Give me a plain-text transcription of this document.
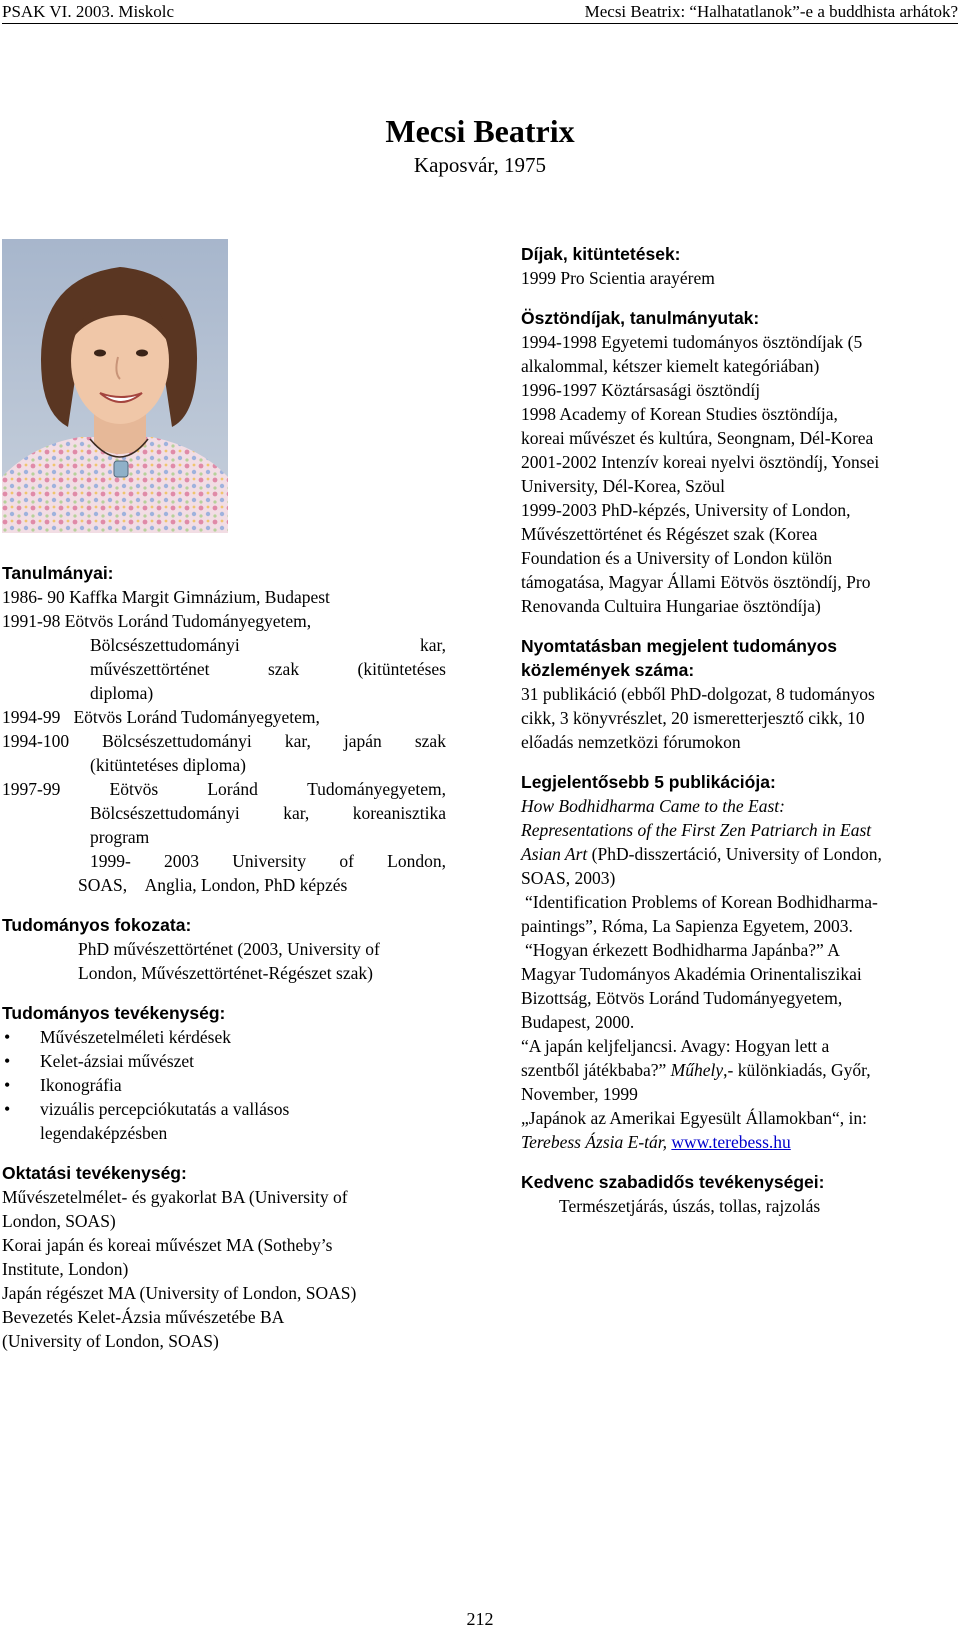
PSAK VI. 2003. Miskolc	Mecsi Beatrix: “Halhatatlanok”-e a buddhista arhátok?
Mecsi Beatrix
Kaposvár, 1975
Tanulmányai:
1986- 90 Kaffka Margit Gimnázium, Budapest
1991-98 Eötvös Loránd Tudományegyetem,
Bölcsészettudományi	kar,
művészettörténet	szak	(kitüntetéses
diploma)
1994-99   Eötvös Loránd Tudományegyetem,
1994-100 Bölcsészettudományi kar, japán szak
(kitüntetéses diploma)
1997-99	Eötvös	Loránd	Tudományegyetem,
Bölcsészettudományi kar, koreanisztika
program
1999- 2003 University of London,
SOAS,    Anglia, London, PhD képzés
Tudományos fokozata:
PhD művészettörténet (2003, University of
London, Művészettörténet-Régészet szak)
Tudományos tevékenység:
• Művészetelméleti kérdések
• Kelet-ázsiai művészet
• Ikonográfia
• vizuális percepciókutatás a vallásos
legendaképzésben
Oktatási tevékenység:
Művészetelmélet- és gyakorlat BA (University of
London, SOAS)
Korai japán és koreai művészet MA (Sotheby’s
Institute, London)
Japán régészet MA (University of London, SOAS)
Bevezetés Kelet-Ázsia művészetébe BA
(University of London, SOAS)
Díjak, kitüntetések:
1999 Pro Scientia arayérem
Ösztöndíjak, tanulmányutak:
1994-1998 Egyetemi tudományos ösztöndíjak (5
alkalommal, kétszer kiemelt kategóriában)
1996-1997 Köztársasági ösztöndíj
1998 Academy of Korean Studies ösztöndíja,
koreai művészet és kultúra, Seongnam, Dél-Korea
2001-2002 Intenzív koreai nyelvi ösztöndíj, Yonsei
University, Dél-Korea, Szöul
1999-2003 PhD-képzés, University of London,
Művészettörténet és Régészet szak (Korea
Foundation és a University of London külön
támogatása, Magyar Állami Eötvös ösztöndíj, Pro
Renovanda Cultuira Hungariae ösztöndíja)
Nyomtatásban megjelent tudományos
közlemények száma:
31 publikáció (ebből PhD-dolgozat, 8 tudományos
cikk, 3 könyvrészlet, 20 ismeretterjesztő cikk, 10
előadás nemzetközi fórumokon
Legjelentősebb 5 publikációja:
How Bodhidharma Came to the East:
Representations of the First Zen Patriarch in East
Asian Art (PhD-disszertáció, University of London,
SOAS, 2003)
“Identification Problems of Korean Bodhidharma-
paintings”, Róma, La Sapienza Egyetem, 2003.
“Hogyan érkezett Bodhidharma Japánba?” A
Magyar Tudományos Akadémia Orinentaliszikai
Bizottság, Eötvös Loránd Tudományegyetem,
Budapest, 2000.
“A japán keljfeljancsi. Avagy: Hogyan lett a
szentből játékbaba?” Műhely,- különkiadás, Győr,
November, 1999
„Japánok az Amerikai Egyesült Államokban“, in:
Terebess Ázsia E-tár, www.terebess.hu
Kedvenc szabadidős tevékenységei:
Természetjárás, úszás, tollas, rajzolás
212
